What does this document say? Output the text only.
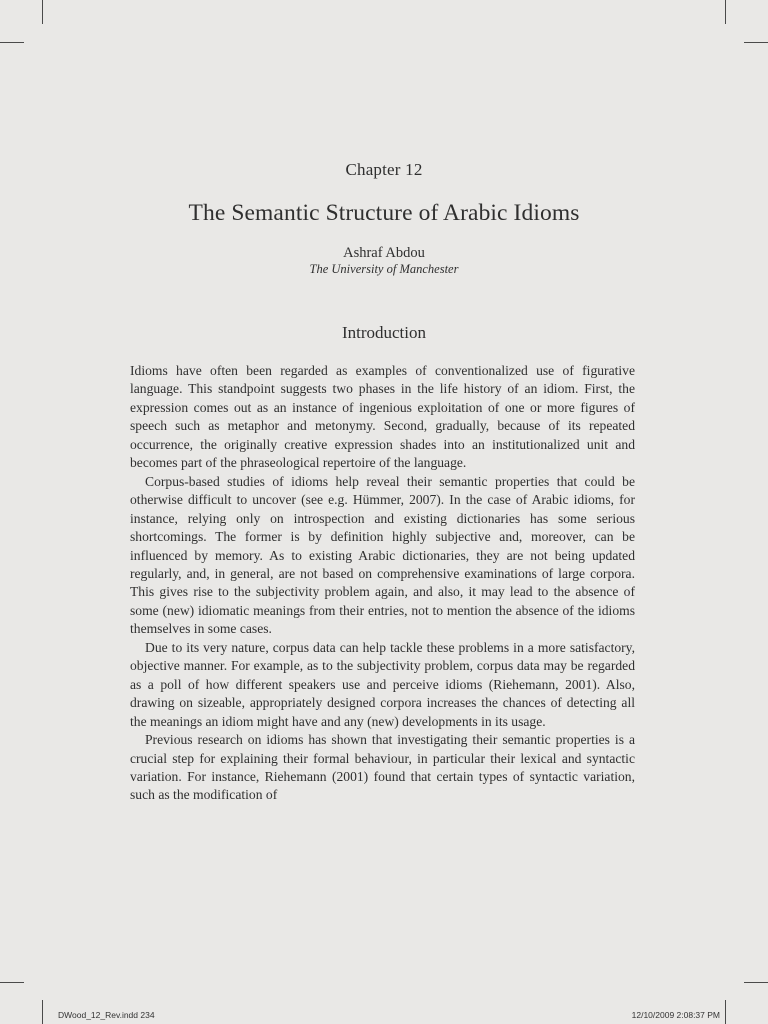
Chapter 12
The Semantic Structure of Arabic Idioms
Ashraf Abdou
The University of Manchester
Introduction

Idioms have often been regarded as examples of conventionalized use of figurative language. This standpoint suggests two phases in the life history of an idiom. First, the expression comes out as an instance of ingenious exploitation of one or more figures of speech such as metaphor and metonymy. Second, gradually, because of its repeated occurrence, the originally creative expression shades into an institutionalized unit and becomes part of the phraseological repertoire of the language.

Corpus-based studies of idioms help reveal their semantic properties that could be otherwise difficult to uncover (see e.g. Hümmer, 2007). In the case of Arabic idioms, for instance, relying only on introspection and existing dictionaries has some serious shortcomings. The former is by definition highly subjective and, moreover, can be influenced by memory. As to existing Arabic dictionaries, they are not being updated regularly, and, in general, are not based on comprehensive examinations of large corpora. This gives rise to the subjectivity problem again, and also, it may lead to the absence of some (new) idiomatic meanings from their entries, not to mention the absence of the idioms themselves in some cases.

Due to its very nature, corpus data can help tackle these problems in a more satisfactory, objective manner. For example, as to the subjectivity problem, corpus data may be regarded as a poll of how different speakers use and perceive idioms (Riehemann, 2001). Also, drawing on sizeable, appropriately designed corpora increases the chances of detecting all the meanings an idiom might have and any (new) developments in its usage.

Previous research on idioms has shown that investigating their semantic properties is a crucial step for explaining their formal behaviour, in particular their lexical and syntactic variation. For instance, Riehemann (2001) found that certain types of syntactic variation, such as the modification of

DWood_12_Rev.indd 234	12/10/2009 2:08:37 PM
